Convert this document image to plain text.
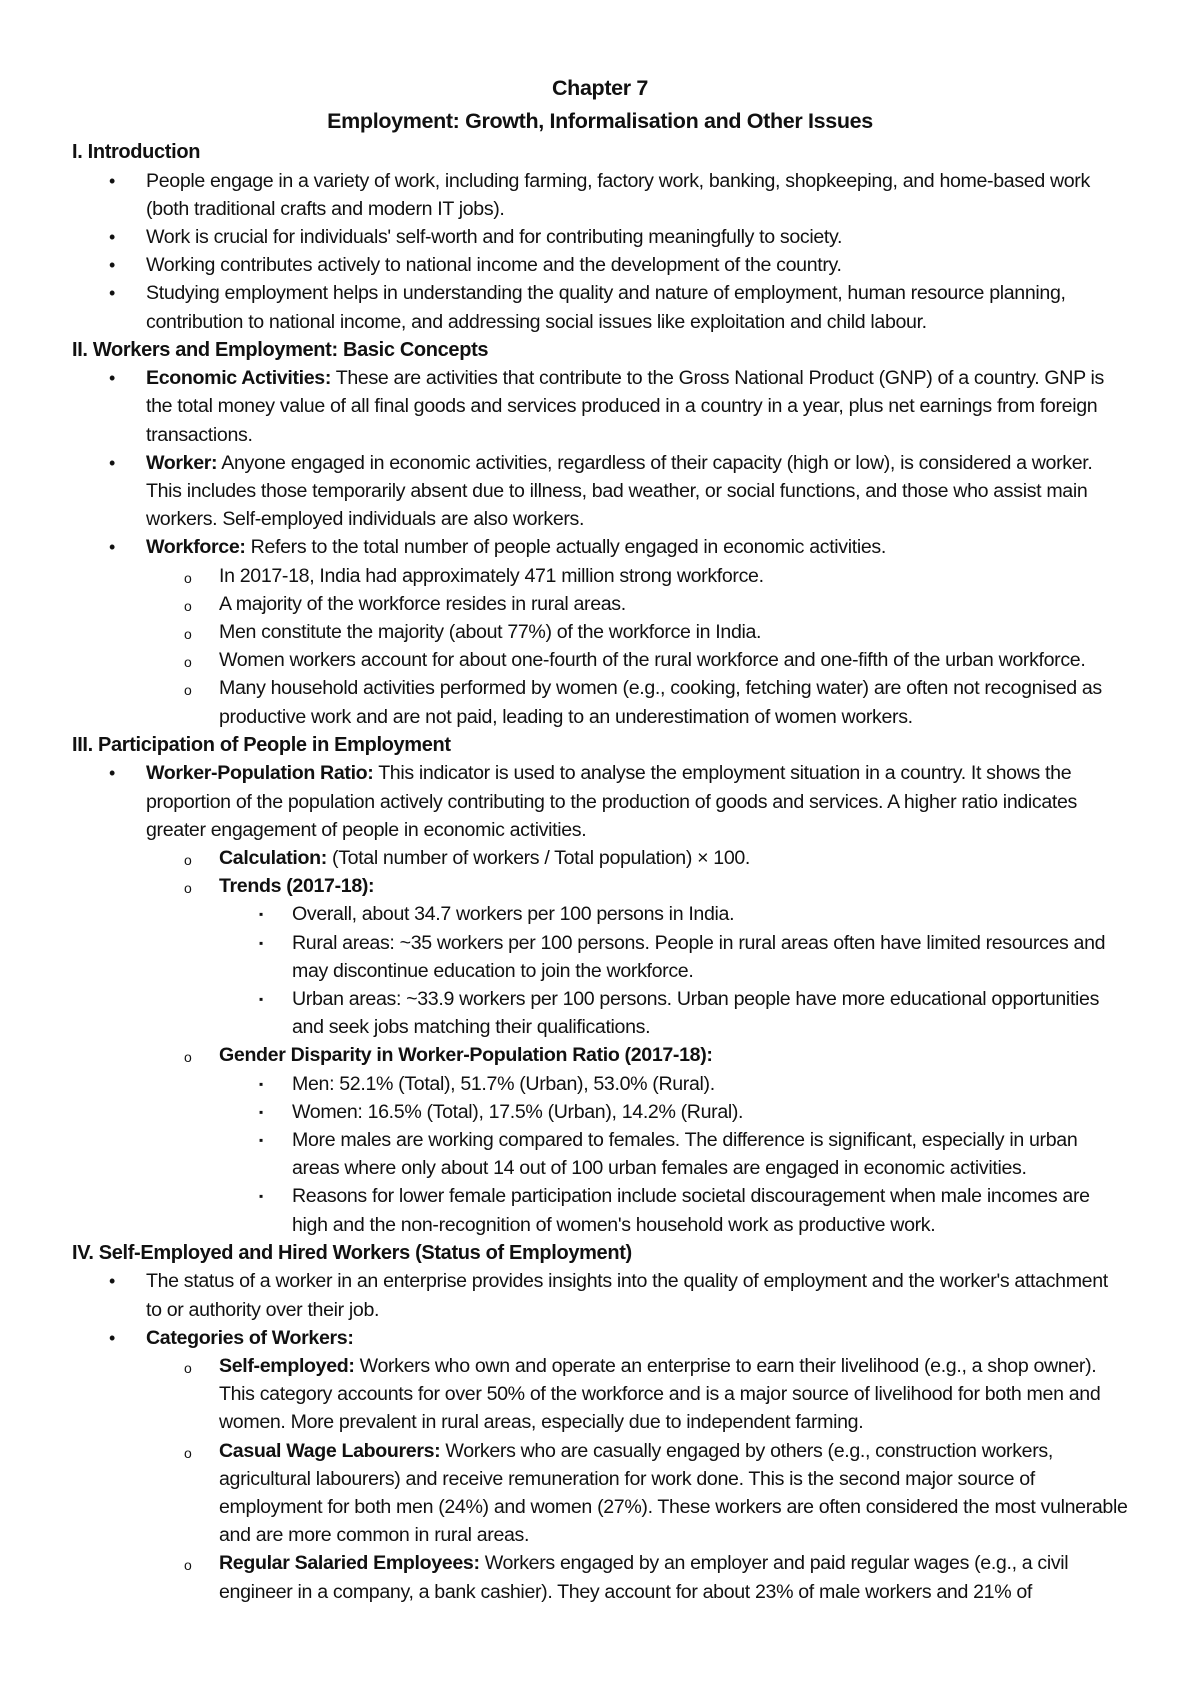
Chapter 7
Employment: Growth, Informalisation and Other Issues
I. Introduction
• People engage in a variety of work, including farming, factory work, banking, shopkeeping, and home-based work (both traditional crafts and modern IT jobs).
• Work is crucial for individuals' self-worth and for contributing meaningfully to society.
• Working contributes actively to national income and the development of the country.
• Studying employment helps in understanding the quality and nature of employment, human resource planning, contribution to national income, and addressing social issues like exploitation and child labour.
II. Workers and Employment: Basic Concepts
• Economic Activities: These are activities that contribute to the Gross National Product (GNP) of a country. GNP is the total money value of all final goods and services produced in a country in a year, plus net earnings from foreign transactions.
• Worker: Anyone engaged in economic activities, regardless of their capacity (high or low), is considered a worker. This includes those temporarily absent due to illness, bad weather, or social functions, and those who assist main workers. Self-employed individuals are also workers.
• Workforce: Refers to the total number of people actually engaged in economic activities.
o In 2017-18, India had approximately 471 million strong workforce.
o A majority of the workforce resides in rural areas.
o Men constitute the majority (about 77%) of the workforce in India.
o Women workers account for about one-fourth of the rural workforce and one-fifth of the urban workforce.
o Many household activities performed by women (e.g., cooking, fetching water) are often not recognised as productive work and are not paid, leading to an underestimation of women workers.
III. Participation of People in Employment
• Worker-Population Ratio: This indicator is used to analyse the employment situation in a country. It shows the proportion of the population actively contributing to the production of goods and services. A higher ratio indicates greater engagement of people in economic activities.
o Calculation: (Total number of workers / Total population) × 100.
o Trends (2017-18):
▪ Overall, about 34.7 workers per 100 persons in India.
▪ Rural areas: ~35 workers per 100 persons. People in rural areas often have limited resources and may discontinue education to join the workforce.
▪ Urban areas: ~33.9 workers per 100 persons. Urban people have more educational opportunities and seek jobs matching their qualifications.
o Gender Disparity in Worker-Population Ratio (2017-18):
▪ Men: 52.1% (Total), 51.7% (Urban), 53.0% (Rural).
▪ Women: 16.5% (Total), 17.5% (Urban), 14.2% (Rural).
▪ More males are working compared to females. The difference is significant, especially in urban areas where only about 14 out of 100 urban females are engaged in economic activities.
▪ Reasons for lower female participation include societal discouragement when male incomes are high and the non-recognition of women's household work as productive work.
IV. Self-Employed and Hired Workers (Status of Employment)
• The status of a worker in an enterprise provides insights into the quality of employment and the worker's attachment to or authority over their job.
• Categories of Workers:
o Self-employed: Workers who own and operate an enterprise to earn their livelihood (e.g., a shop owner). This category accounts for over 50% of the workforce and is a major source of livelihood for both men and women. More prevalent in rural areas, especially due to independent farming.
o Casual Wage Labourers: Workers who are casually engaged by others (e.g., construction workers, agricultural labourers) and receive remuneration for work done. This is the second major source of employment for both men (24%) and women (27%). These workers are often considered the most vulnerable and are more common in rural areas.
o Regular Salaried Employees: Workers engaged by an employer and paid regular wages (e.g., a civil engineer in a company, a bank cashier). They account for about 23% of male workers and 21% of
